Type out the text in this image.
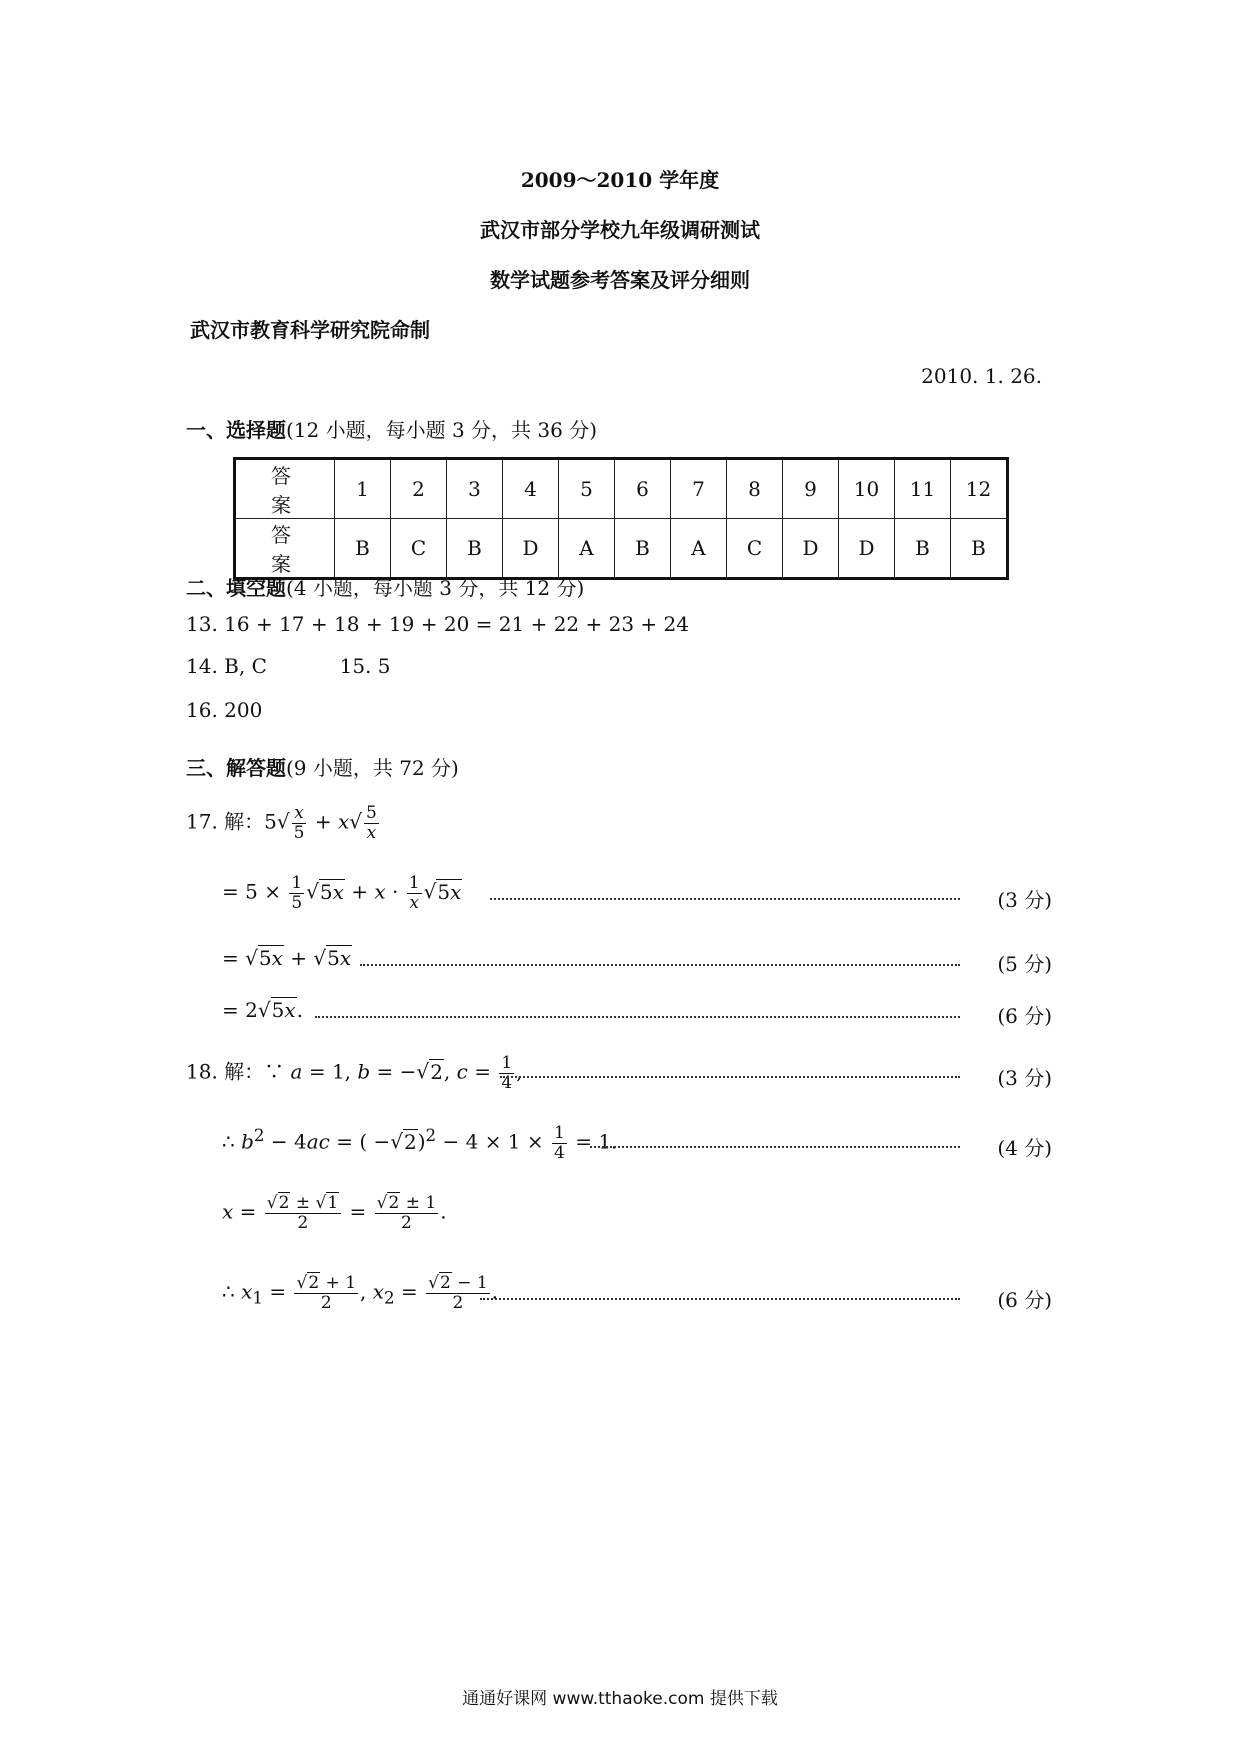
2009～2010 学年度
武汉市部分学校九年级调研测试
数学试题参考答案及评分细则
武汉市教育科学研究院命制
2010. 1. 26.
一、选择题(12 小题，每小题 3 分，共 36 分)
答 案	1	2	3	4	5	6	7	8	9	10	11	12
答 案	B	C	B	D	A	B	A	C	D	D	B	B
二、填空题(4 小题，每小题 3 分，共 12 分)
13. 16 + 17 + 18 + 19 + 20 = 21 + 22 + 23 + 24
14. B, C	15. 5
16. 200
三、解答题(9 小题，共 72 分)
17. 解：$5√ \frac{x}{5} + x√ \frac{5}{x}$
= $5 \times \frac{1}{5} √5x + x \cdot \frac{1}{x} √5x$	(3 分)
= √5x + √5x	(5 分)
= 2√5x.	(6 分)
18. 解：∵ a = 1, b = −√2, $c = \frac{1}{4}$ ,	(3 分)
∴ $b^2 - 4ac$ = ( $-√2)^2 - 4 \times 1 \times \frac{1}{4} = 1$.	(4 分)
$x = \frac{√2 \pm √1}{2} = \frac{√2 \pm 1}{2}$ .
∴ $x_1 = \frac{√2 + 1}{2}$ , $x_2 = \frac{√2 - 1}{2}$ .	(6 分)
通通好课网 www.tthaoke.com 提供下载
